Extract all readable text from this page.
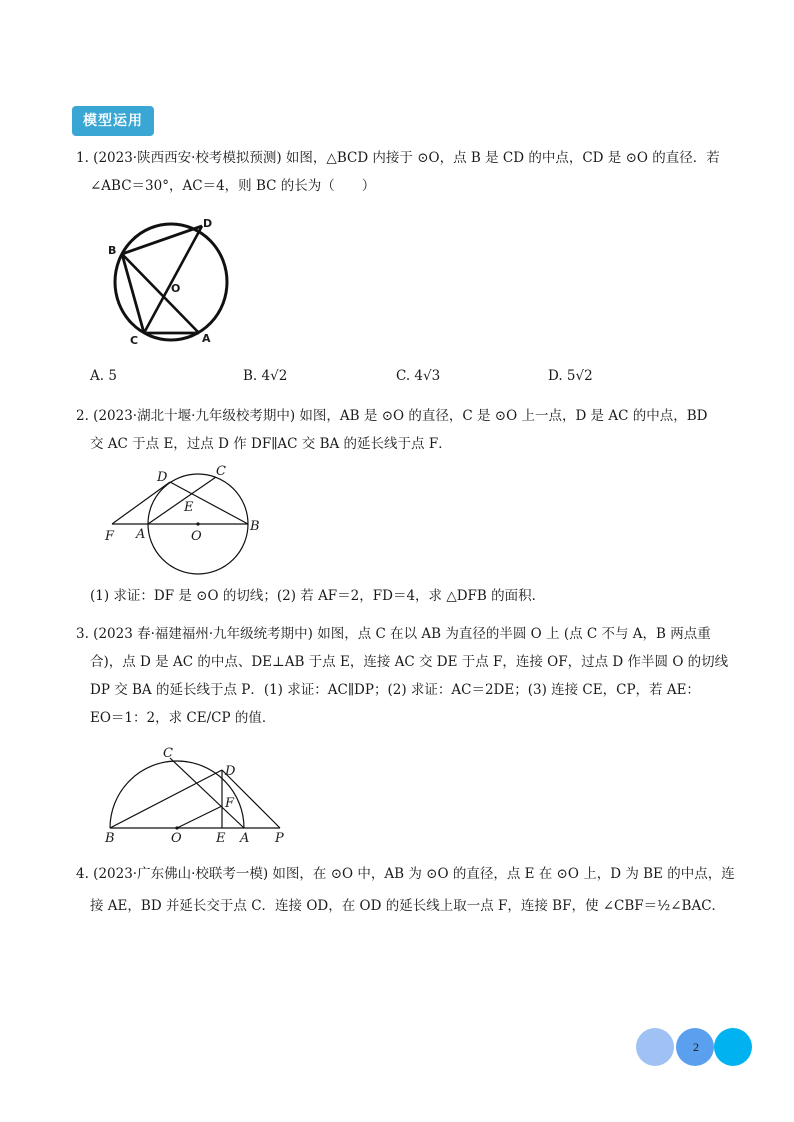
模型运用
1. (2023·陕西西安·校考模拟预测) 如图，△BCD 内接于 ⊙O，点 B 是 CD 的中点，CD 是 ⊙O 的直径．若
∠ABC＝30°，AC＝4，则 BC 的长为（　　）
B
D
O
C	A
A. 5	B. 4√2	C. 4√3	D. 5√2
2. (2023·湖北十堰·九年级校考期中) 如图，AB 是 ⊙O 的直径，C 是 ⊙O 上一点，D 是 AC 的中点，BD
交 AC 于点 E，过点 D 作 DF∥AC 交 BA 的延长线于点 F．
D	C
E
F A	O
B
(1) 求证：DF 是 ⊙O 的切线；(2) 若 AF＝2，FD＝4，求 △DFB 的面积．
3. (2023 春·福建福州·九年级统考期中) 如图，点 C 在以 AB 为直径的半圆 O 上 (点 C 不与 A，B 两点重
合)，点 D 是 AC 的中点、DE⊥AB 于点 E，连接 AC 交 DE 于点 F，连接 OF，过点 D 作半圆 O 的切线
DP 交 BA 的延长线于点 P．(1) 求证：AC∥DP；(2) 求证：AC＝2DE；(3) 连接 CE，CP，若 AE：
EO＝1：2，求 CE/CP 的值．
C
D
F
B	O	E A P
4. (2023·广东佛山·校联考一模) 如图，在 ⊙O 中，AB 为 ⊙O 的直径，点 E 在 ⊙O 上，D 为 BE 的中点，连
接 AE，BD 并延长交于点 C．连接 OD，在 OD 的延长线上取一点 F，连接 BF，使 ∠CBF＝½∠BAC．
2
